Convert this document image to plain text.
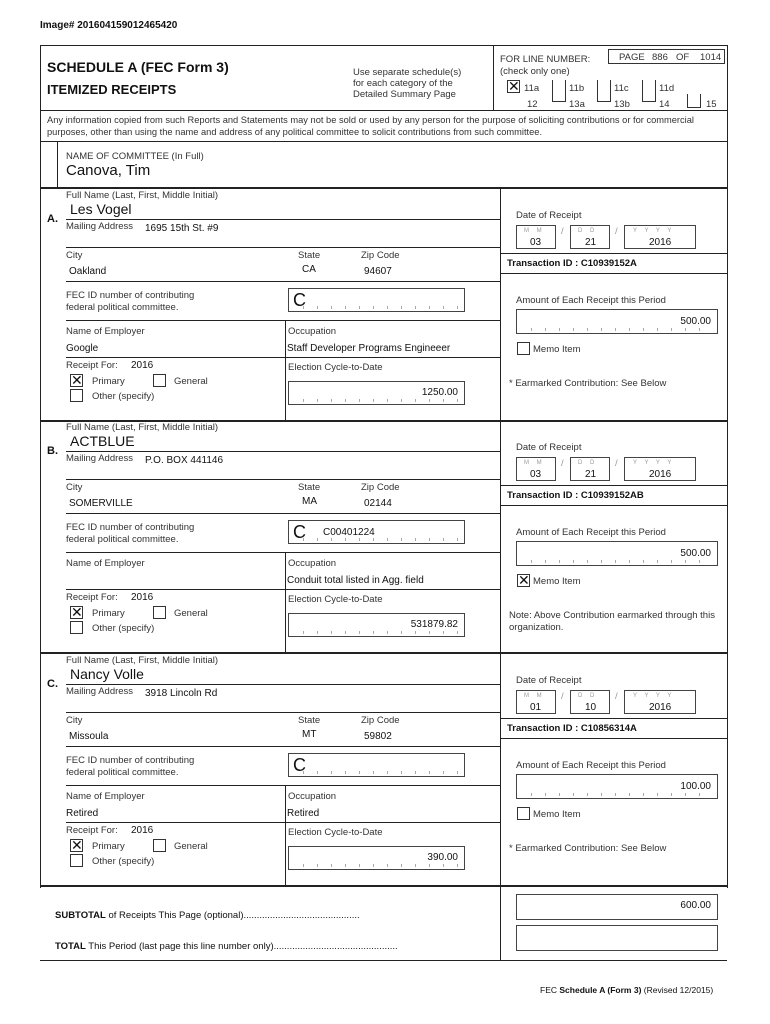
Image# 201604159012465420
SCHEDULE A (FEC Form 3)
ITEMIZED RECEIPTS
Use separate schedule(s)
for each category of the
Detailed Summary Page
FOR LINE NUMBER:
(check only one)
PAGE 886 OF 1014
✕
11a	11b	11c	11d
12	13a	13b	14	15
Any information copied from such Reports and Statements may not be sold or used by any person for the purpose of soliciting contributions or for commercial purposes, other than using the name and address of any political committee to solicit contributions from such committee.
NAME OF COMMITTEE (In Full)
Canova, Tim
A.
Full Name (Last, First, Middle Initial)
Les Vogel
Mailing Address 1695 15th St. #9
City
Oakland
State
CA
Zip Code
94607
FEC ID number of contributing
federal political committee.	C
Name of Employer
Google
Occupation
Staff Developer Programs Engineeer
Receipt For: 2016
✕
Primary	General
Other (specify)
Election Cycle-to-Date
1250.00
Date of Receipt
M M
03
/ D D
21
/	Y Y Y Y
2016
Transaction ID : C10939152A
Amount of Each Receipt this Period
500.00
Memo Item
* Earmarked Contribution: See Below
B.
Full Name (Last, First, Middle Initial)
ACTBLUE
Mailing Address P.O. BOX 441146
City
SOMERVILLE
State
MA
Zip Code
02144
FEC ID number of contributing
federal political committee.	C C00401224
Name of Employer	Occupation
Conduit total listed in Agg. field
Receipt For: 2016
✕
Primary	General
Other (specify)
Election Cycle-to-Date
531879.82
Date of Receipt
M M
03
/ D D
21
/	Y Y Y Y
2016
Transaction ID : C10939152AB
Amount of Each Receipt this Period
500.00
✕
Memo Item
Note: Above Contribution earmarked through this organization.
C.
Full Name (Last, First, Middle Initial)
Nancy Volle
Mailing Address 3918 Lincoln Rd
City
Missoula
State
MT
Zip Code
59802
FEC ID number of contributing
federal political committee.	C
Name of Employer
Retired
Occupation
Retired
Receipt For: 2016
✕
Primary	General
Other (specify)
Election Cycle-to-Date
390.00
Date of Receipt
M M
01
/ D D
10
/	Y Y Y Y
2016
Transaction ID : C10856314A
Amount of Each Receipt this Period
100.00
Memo Item
* Earmarked Contribution: See Below
SUBTOTAL of Receipts This Page (optional)............................................
TOTAL This Period (last page this line number only)...............................................
600.00
FEC Schedule A (Form 3) (Revised 12/2015)
